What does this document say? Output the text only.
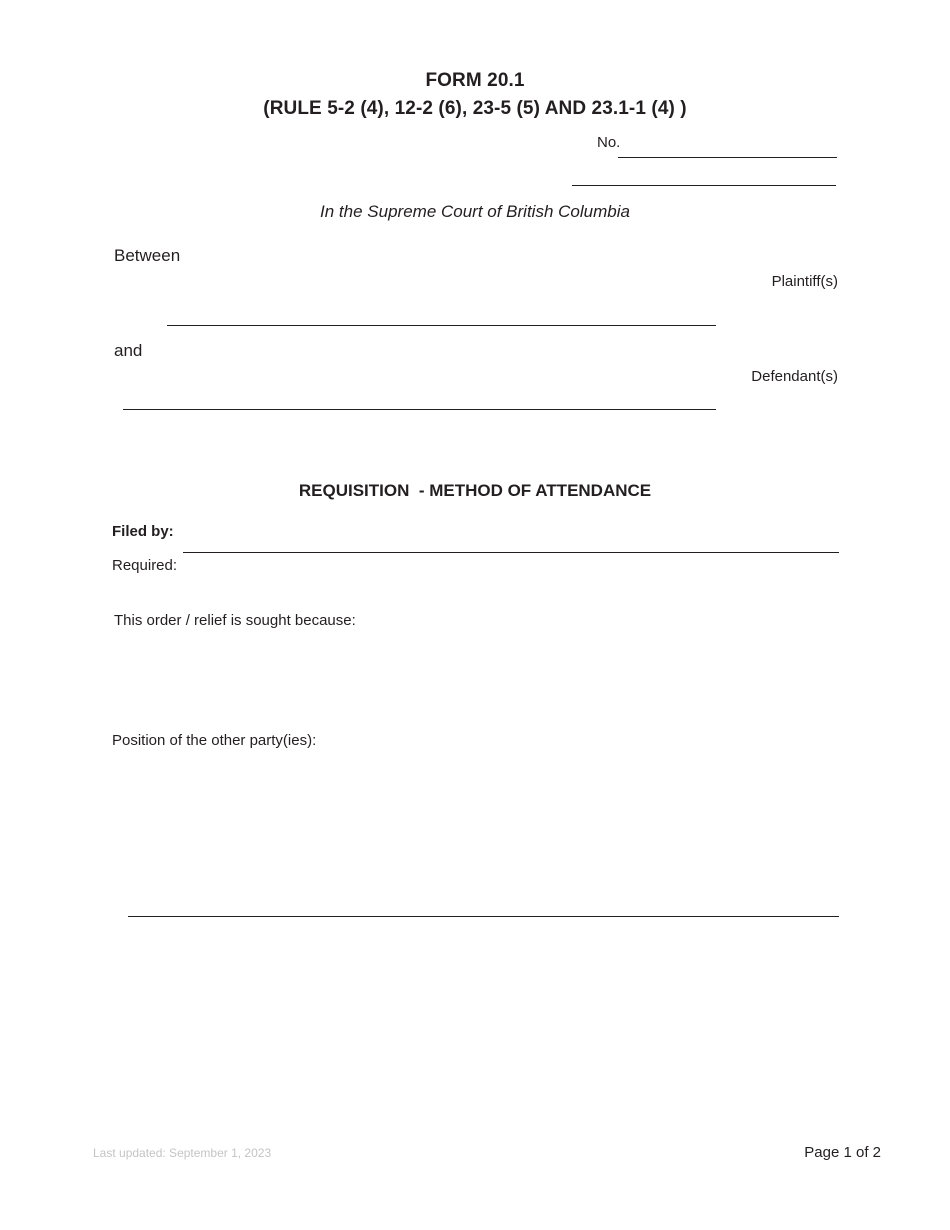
FORM 20.1
(RULE 5-2 (4), 12-2 (6), 23-5 (5) AND 23.1-1 (4) )
No.
In the Supreme Court of British Columbia
Between
Plaintiff(s)
and
Defendant(s)
REQUISITION  - METHOD OF ATTENDANCE
Filed by:
Required:
This order / relief is sought because:
Position of the other party(ies):
Last updated: September 1, 2023	Page 1 of 2
